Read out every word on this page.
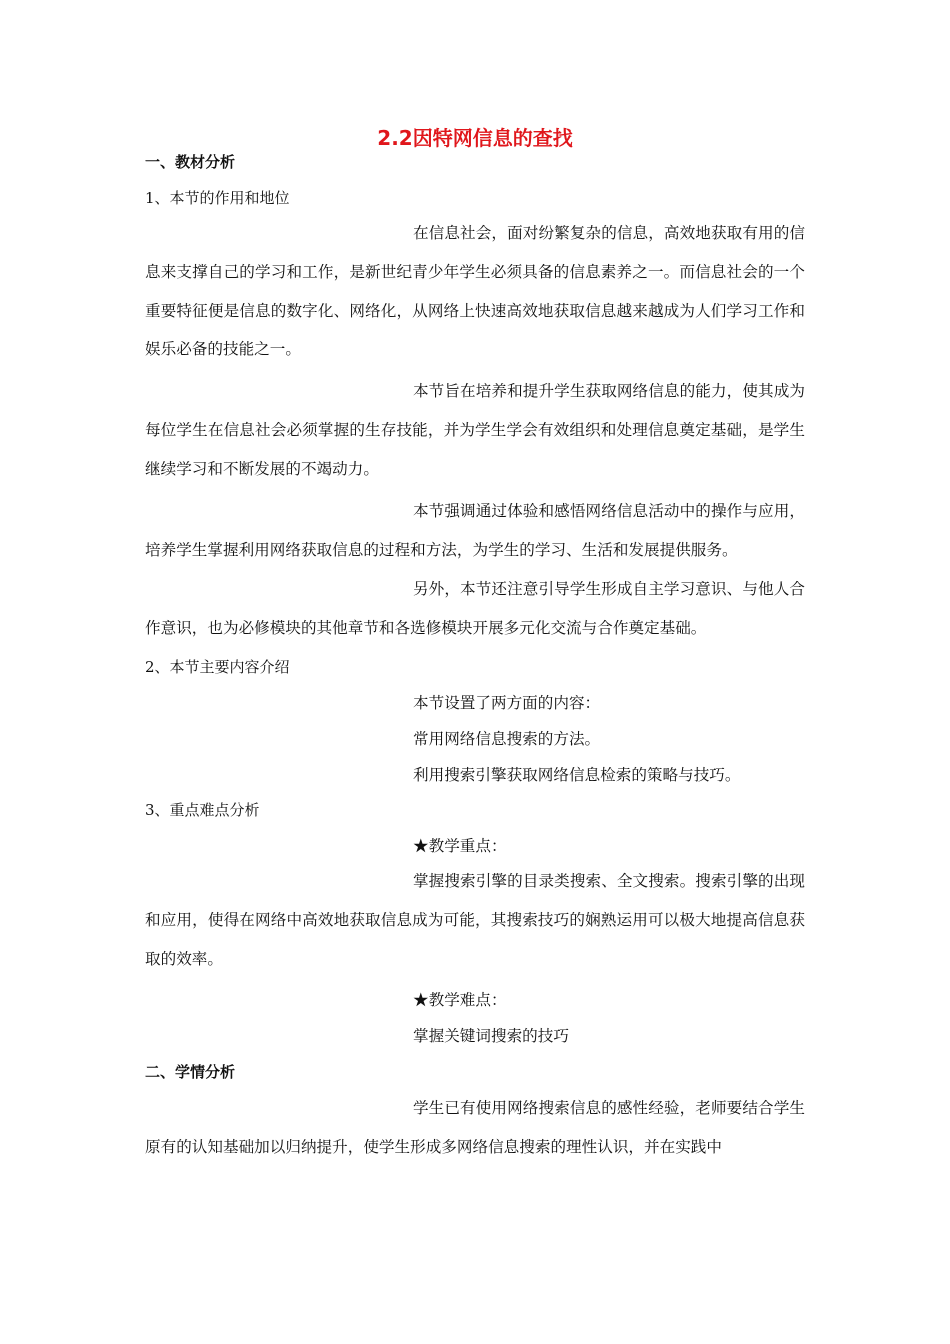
2.2因特网信息的查找
一、教材分析

1、本节的作用和地位

在信息社会，面对纷繁复杂的信息，高效地获取有用的信息来支撑自己的学习和工作，是新世纪青少年学生必须具备的信息素养之一。而信息社会的一个重要特征便是信息的数字化、网络化，从网络上快速高效地获取信息越来越成为人们学习工作和娱乐必备的技能之一。

本节旨在培养和提升学生获取网络信息的能力，使其成为每位学生在信息社会必须掌握的生存技能，并为学生学会有效组织和处理信息奠定基础，是学生继续学习和不断发展的不竭动力。

本节强调通过体验和感悟网络信息活动中的操作与应用，培养学生掌握利用网络获取信息的过程和方法，为学生的学习、生活和发展提供服务。

另外，本节还注意引导学生形成自主学习意识、与他人合作意识，也为必修模块的其他章节和各选修模块开展多元化交流与合作奠定基础。

2、本节主要内容介绍

本节设置了两方面的内容：

常用网络信息搜索的方法。

利用搜索引擎获取网络信息检索的策略与技巧。

3、重点难点分析

★教学重点：

掌握搜索引擎的目录类搜索、全文搜索。搜索引擎的出现和应用，使得在网络中高效地获取信息成为可能，其搜索技巧的娴熟运用可以极大地提高信息获取的效率。

★教学难点：

掌握关键词搜索的技巧

二、学情分析

学生已有使用网络搜索信息的感性经验，老师要结合学生原有的认知基础加以归纳提升，使学生形成多网络信息搜索的理性认识，并在实践中
